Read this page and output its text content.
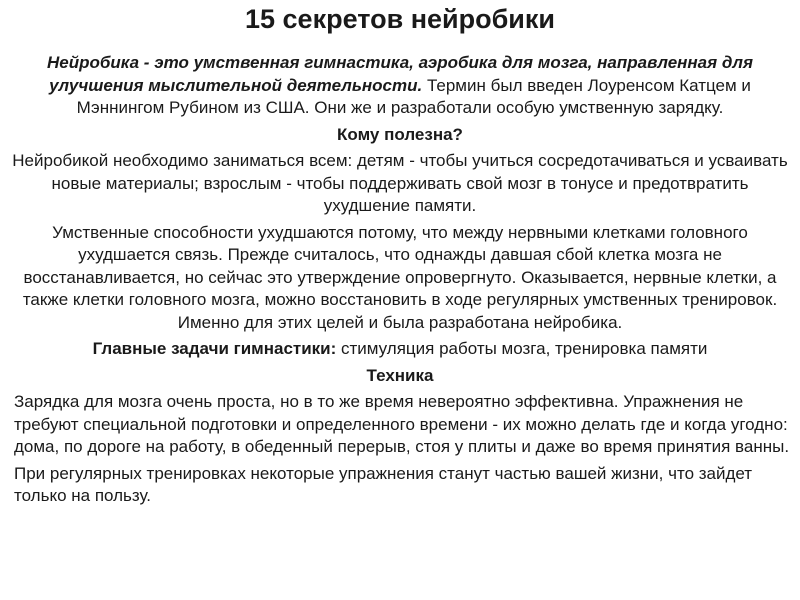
15 секретов нейробики

Нейробика - это умственная гимнастика, аэробика для мозга, направленная для улучшения мыслительной деятельности. Термин был введен Лоуренсом Катцем и Мэннингом Рубином из США. Они же и разработали особую умственную зарядку.

Кому полезна?

Нейробикой необходимо заниматься всем: детям - чтобы учиться сосредотачиваться и усваивать новые материалы; взрослым - чтобы поддерживать свой мозг в тонусе и предотвратить ухудшение памяти.

Умственные способности ухудшаются потому, что между нервными клетками головного ухудшается связь. Прежде считалось, что однажды давшая сбой клетка мозга не восстанавливается, но сейчас это утверждение опровергнуто. Оказывается, нервные клетки, а также клетки головного мозга, можно восстановить в ходе регулярных умственных тренировок. Именно для этих целей и была разработана нейробика.

Главные задачи гимнастики: стимуляция работы мозга, тренировка памяти

Техника

Зарядка для мозга очень проста, но в то же время невероятно эффективна. Упражнения не требуют специальной подготовки и определенного времени - их можно делать где и когда угодно: дома, по дороге на работу, в обеденный перерыв, стоя у плиты и даже во время принятия ванны.

При регулярных тренировках некоторые упражнения станут частью вашей жизни, что зайдет только на пользу.
